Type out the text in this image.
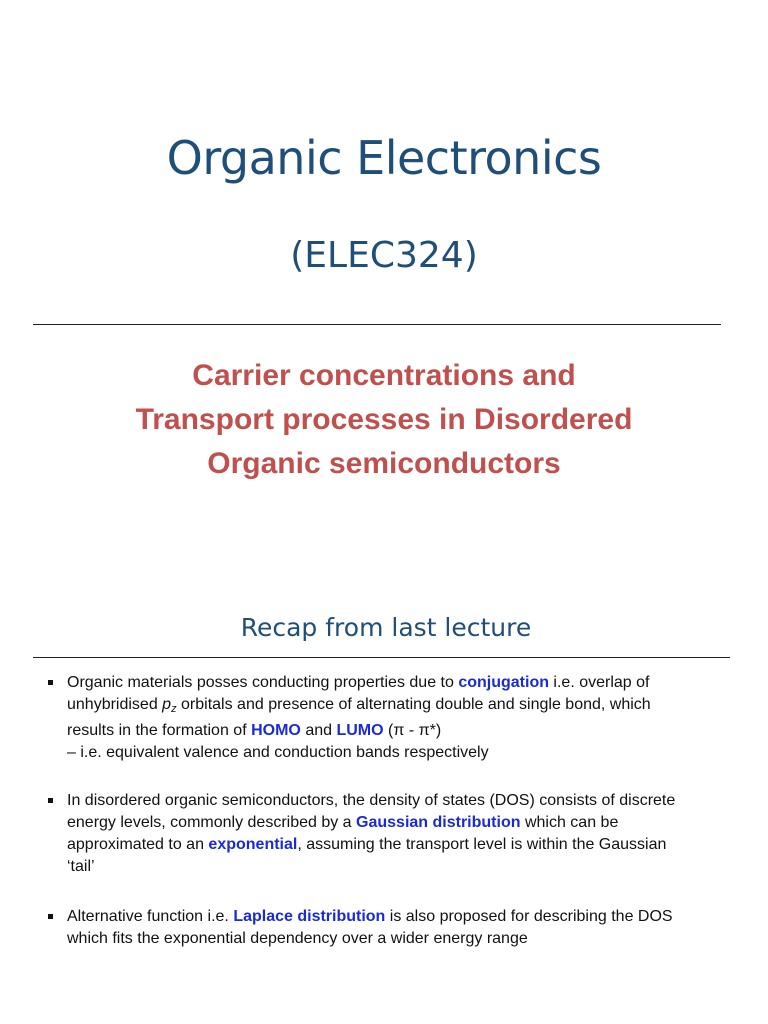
Organic Electronics
(ELEC324)
Carrier concentrations and
Transport processes in Disordered
Organic semiconductors
Recap from last lecture
Organic materials posses conducting properties due to conjugation i.e. overlap of unhybridised $p_z$ orbitals and presence of alternating double and single bond, which results in the formation of HOMO and LUMO (π - π*)
– i.e. equivalent valence and conduction bands respectively
In disordered organic semiconductors, the density of states (DOS) consists of discrete energy levels, commonly described by a Gaussian distribution which can be approximated to an exponential, assuming the transport level is within the Gaussian ‘tail’
Alternative function i.e. Laplace distribution is also proposed for describing the DOS which fits the exponential dependency over a wider energy range
